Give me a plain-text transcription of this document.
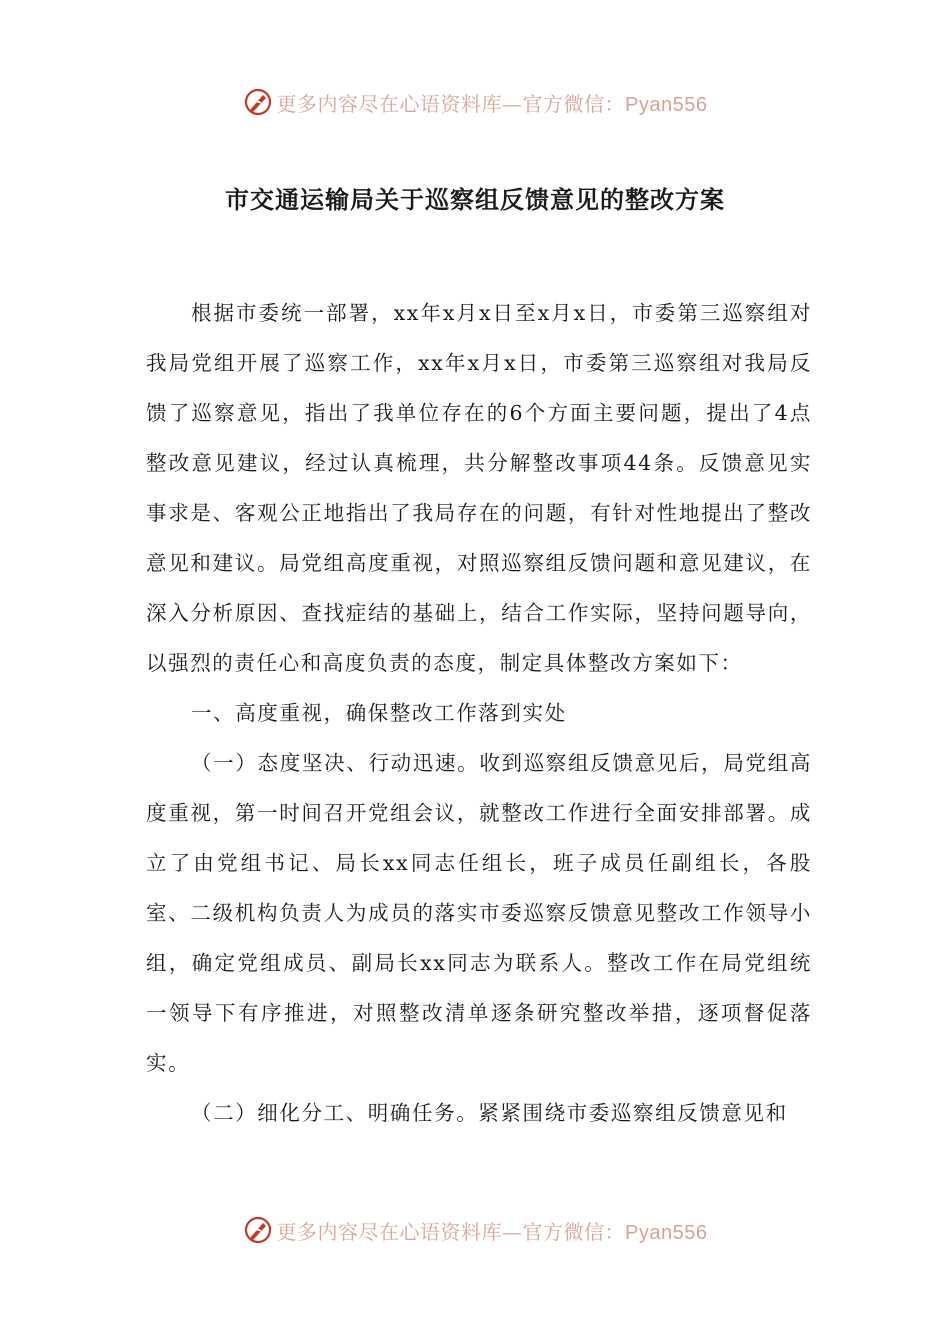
更多内容尽在心语资料库—官方微信：Pyan556
市交通运输局关于巡察组反馈意见的整改方案

根据市委统一部署，xx年x月x日至x月x日，市委第三巡察组对我局党组开展了巡察工作，xx年x月x日，市委第三巡察组对我局反馈了巡察意见，指出了我单位存在的6个方面主要问题，提出了4点整改意见建议，经过认真梳理，共分解整改事项44条。反馈意见实事求是、客观公正地指出了我局存在的问题，有针对性地提出了整改意见和建议。局党组高度重视，对照巡察组反馈问题和意见建议，在深入分析原因、查找症结的基础上，结合工作实际，坚持问题导向，以强烈的责任心和高度负责的态度，制定具体整改方案如下：

一、高度重视，确保整改工作落到实处

（一）态度坚决、行动迅速。收到巡察组反馈意见后，局党组高度重视，第一时间召开党组会议，就整改工作进行全面安排部署。成立了由党组书记、局长xx同志任组长，班子成员任副组长，各股室、二级机构负责人为成员的落实市委巡察反馈意见整改工作领导小组，确定党组成员、副局长xx同志为联系人。整改工作在局党组统一领导下有序推进，对照整改清单逐条研究整改举措，逐项督促落实。

（二）细化分工、明确任务。紧紧围绕市委巡察组反馈意见和

更多内容尽在心语资料库—官方微信：Pyan556
